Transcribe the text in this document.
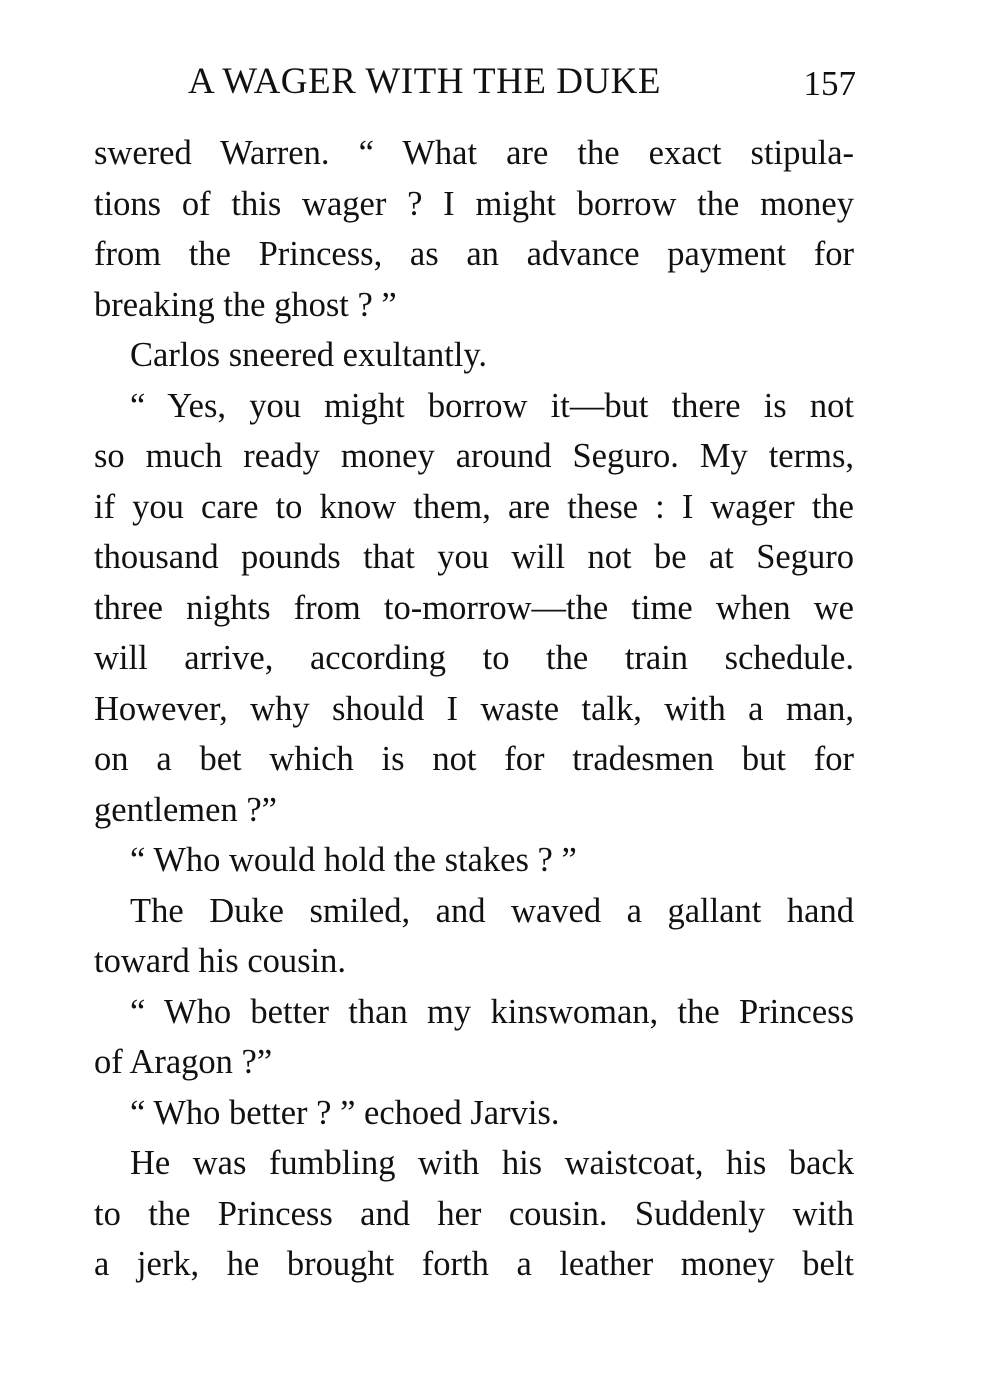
A WAGER WITH THE DUKE	157
swered Warren. “ What are the exact stipula-
tions of this wager ? I might borrow the money
from the Princess, as an advance payment for
breaking the ghost ? ”
Carlos sneered exultantly.
“ Yes, you might borrow it—but there is not
so much ready money around Seguro. My terms,
if you care to know them, are these : I wager the
thousand pounds that you will not be at Seguro
three nights from to-morrow—the time when we
will arrive, according to the train schedule.
However, why should I waste talk, with a man,
on a bet which is not for tradesmen but for
gentlemen ?”
“ Who would hold the stakes ? ”
The Duke smiled, and waved a gallant hand
toward his cousin.
“ Who better than my kinswoman, the Princess
of Aragon ?”
“ Who better ? ” echoed Jarvis.
He was fumbling with his waistcoat, his back
to the Princess and her cousin. Suddenly with
a jerk, he brought forth a leather money belt
